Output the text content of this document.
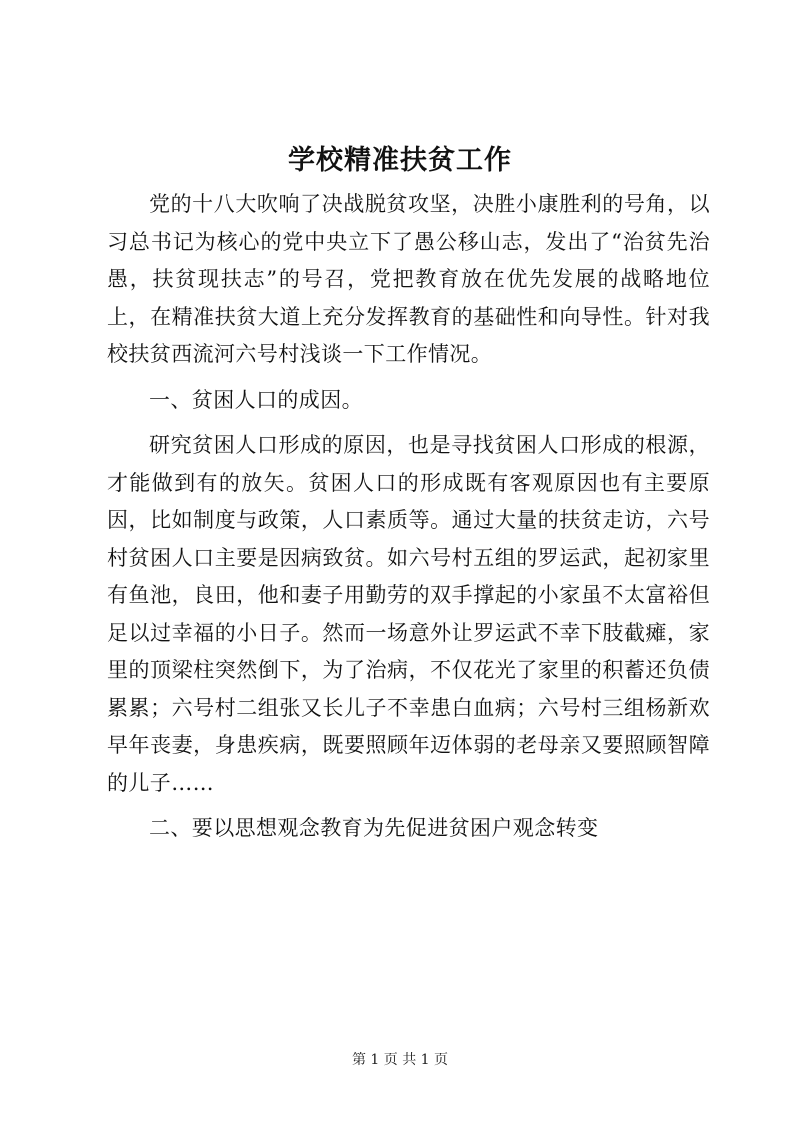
学校精准扶贫工作

党的十八大吹响了决战脱贫攻坚，决胜小康胜利的号角，以习总书记为核心的党中央立下了愚公移山志，发出了“治贫先治愚，扶贫现扶志”的号召，党把教育放在优先发展的战略地位上，在精准扶贫大道上充分发挥教育的基础性和向导性。针对我校扶贫西流河六号村浅谈一下工作情况。

一、贫困人口的成因。

研究贫困人口形成的原因，也是寻找贫困人口形成的根源，才能做到有的放矢。贫困人口的形成既有客观原因也有主要原因，比如制度与政策，人口素质等。通过大量的扶贫走访，六号村贫困人口主要是因病致贫。如六号村五组的罗运武，起初家里有鱼池，良田，他和妻子用勤劳的双手撑起的小家虽不太富裕但足以过幸福的小日子。然而一场意外让罗运武不幸下肢截瘫，家里的顶梁柱突然倒下，为了治病，不仅花光了家里的积蓄还负债累累；六号村二组张又长儿子不幸患白血病；六号村三组杨新欢早年丧妻，身患疾病，既要照顾年迈体弱的老母亲又要照顾智障的儿子……

二、要以思想观念教育为先促进贫困户观念转变

第 1 页 共 1 页
